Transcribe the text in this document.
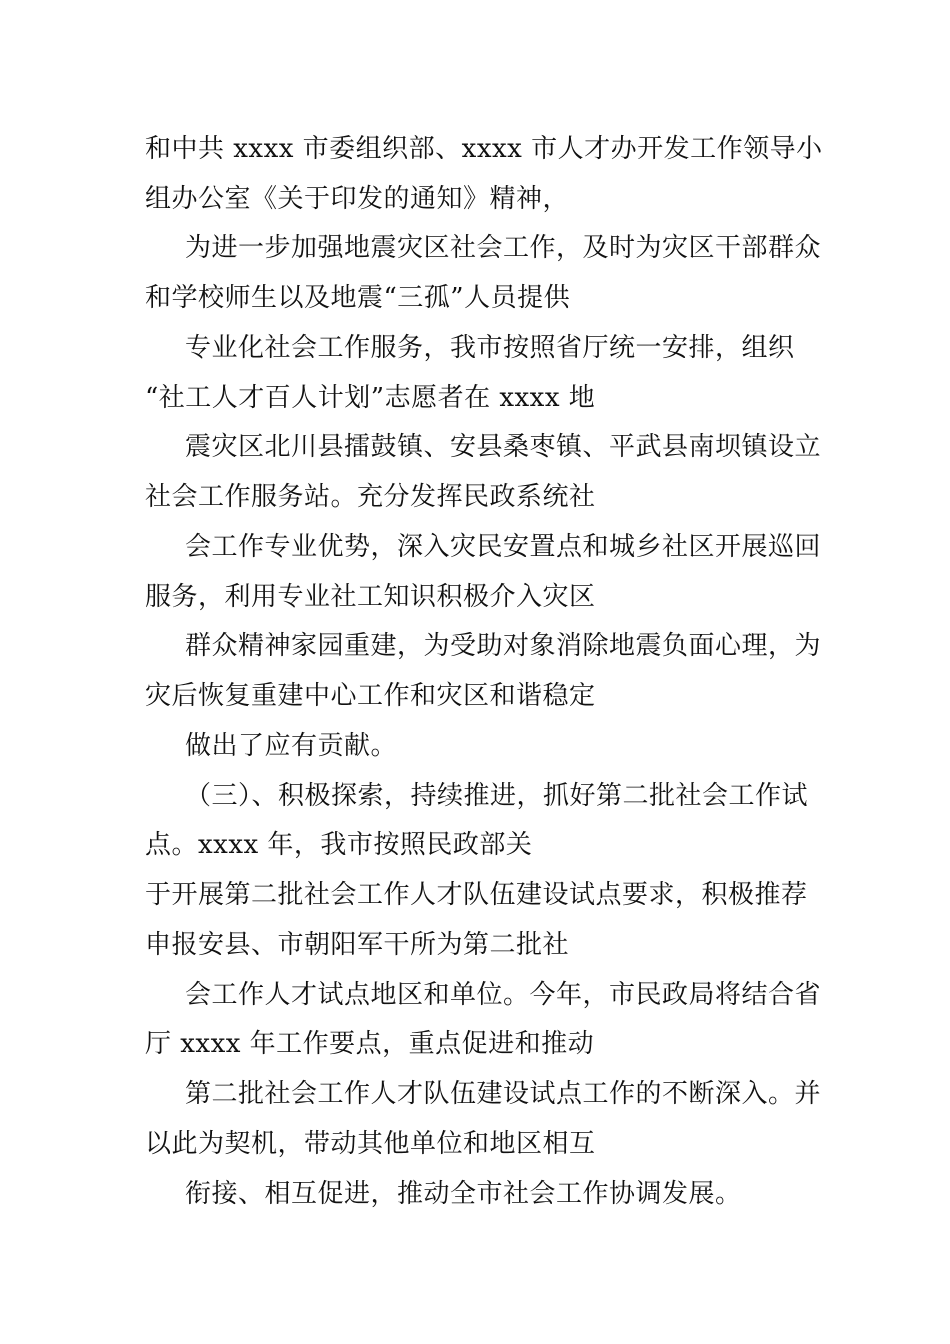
和中共 xxxx 市委组织部、xxxx 市人才办开发工作领导小
组办公室《关于印发的通知》精神，
为进一步加强地震灾区社会工作，及时为灾区干部群众
和学校师生以及地震“三孤”人员提供
专业化社会工作服务，我市按照省厅统一安排，组织
“社工人才百人计划”志愿者在 xxxx 地
震灾区北川县擂鼓镇、安县桑枣镇、平武县南坝镇设立
社会工作服务站。充分发挥民政系统社
会工作专业优势，深入灾民安置点和城乡社区开展巡回
服务，利用专业社工知识积极介入灾区
群众精神家园重建，为受助对象消除地震负面心理，为
灾后恢复重建中心工作和灾区和谐稳定
做出了应有贡献。
（三）、积极探索，持续推进，抓好第二批社会工作试
点。xxxx 年，我市按照民政部关
于开展第二批社会工作人才队伍建设试点要求，积极推荐
申报安县、市朝阳军干所为第二批社
会工作人才试点地区和单位。今年，市民政局将结合省
厅 xxxx 年工作要点，重点促进和推动
第二批社会工作人才队伍建设试点工作的不断深入。并
以此为契机，带动其他单位和地区相互
衔接、相互促进，推动全市社会工作协调发展。
